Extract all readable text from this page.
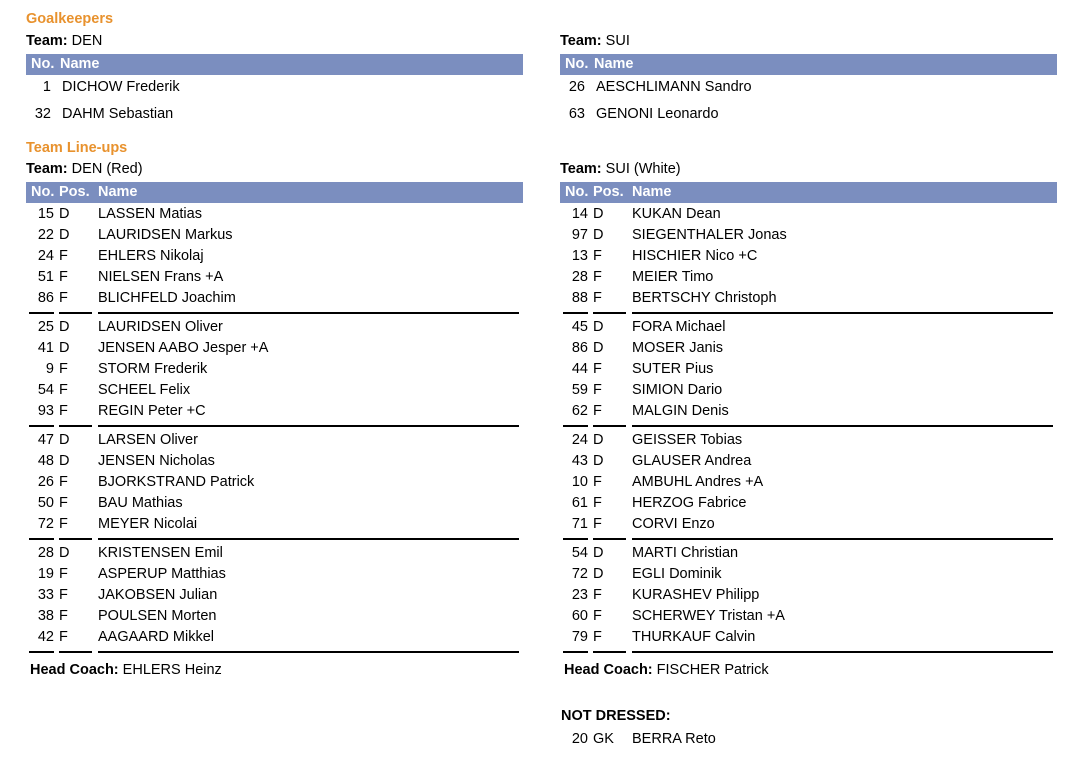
Goalkeepers
Team: DEN
No. Name
1 DICHOW Frederik
32 DAHM Sebastian
Team Line-ups
Team: DEN (Red)
No. Pos. Name
15 D LASSEN Matias
22 D LAURIDSEN Markus
24 F EHLERS Nikolaj
51 F NIELSEN Frans +A
86 F BLICHFELD Joachim
25 D LAURIDSEN Oliver
41 D JENSEN AABO Jesper +A
9 F STORM Frederik
54 F SCHEEL Felix
93 F REGIN Peter +C
47 D LARSEN Oliver
48 D JENSEN Nicholas
26 F BJORKSTRAND Patrick
50 F BAU Mathias
72 F MEYER Nicolai
28 D KRISTENSEN Emil
19 F ASPERUP Matthias
33 F JAKOBSEN Julian
38 F POULSEN Morten
42 F AAGAARD Mikkel
Head Coach: EHLERS Heinz
Team: SUI
No. Name
26 AESCHLIMANN Sandro
63 GENONI Leonardo
Team: SUI (White)
No. Pos. Name
14 D KUKAN Dean
97 D SIEGENTHALER Jonas
13 F HISCHIER Nico +C
28 F MEIER Timo
88 F BERTSCHY Christoph
45 D FORA Michael
86 D MOSER Janis
44 F SUTER Pius
59 F SIMION Dario
62 F MALGIN Denis
24 D GEISSER Tobias
43 D GLAUSER Andrea
10 F AMBUHL Andres +A
61 F HERZOG Fabrice
71 F CORVI Enzo
54 D MARTI Christian
72 D EGLI Dominik
23 F KURASHEV Philipp
60 F SCHERWEY Tristan +A
79 F THURKAUF Calvin
Head Coach: FISCHER Patrick
NOT DRESSED:
20 GK BERRA Reto
